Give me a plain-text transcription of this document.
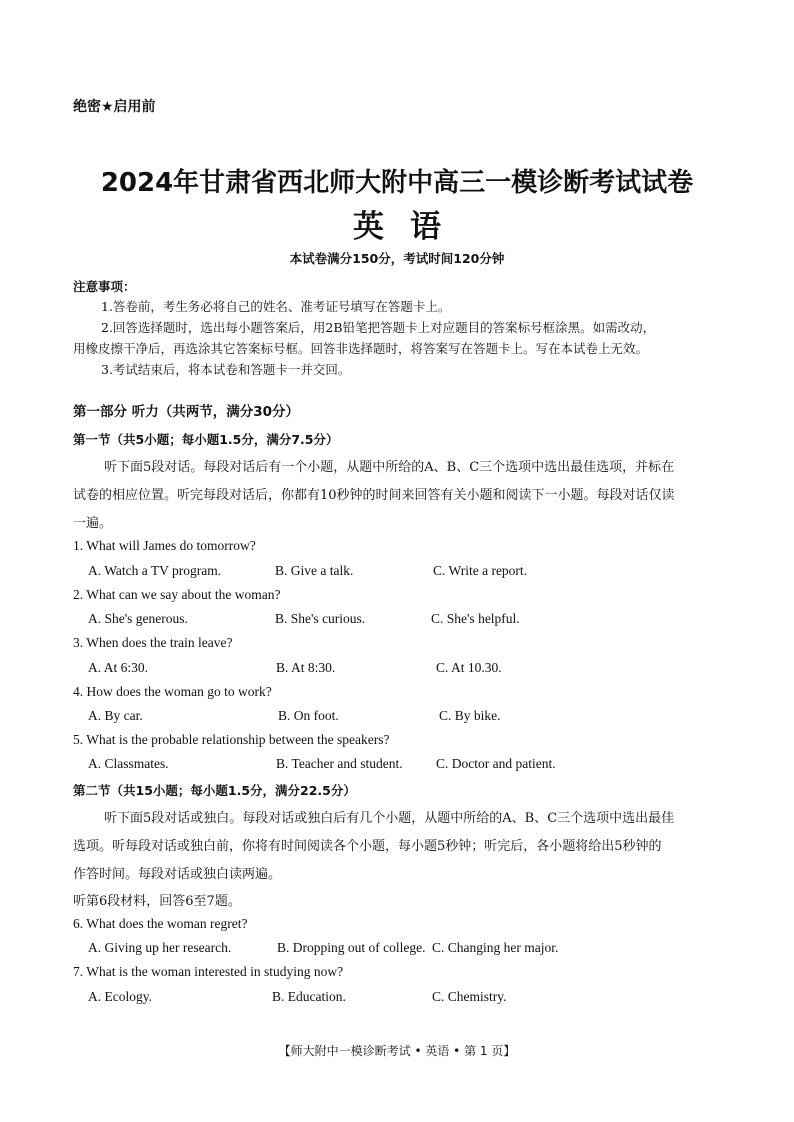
绝密★启用前
2024年甘肃省西北师大附中高三一模诊断考试试卷
英语
本试卷满分150分，考试时间120分钟
注意事项：
1.答卷前，考生务必将自己的姓名、准考证号填写在答题卡上。
2.回答选择题时，选出每小题答案后，用2B铅笔把答题卡上对应题目的答案标号框涂黑。如需改动，
用橡皮擦干净后，再选涂其它答案标号框。回答非选择题时，将答案写在答题卡上。写在本试卷上无效。
3.考试结束后，将本试卷和答题卡一并交回。
第一部分 听力（共两节，满分30分）
第一节（共5小题；每小题1.5分，满分7.5分）
听下面5段对话。每段对话后有一个小题，从题中所给的A、B、C三个选项中选出最佳选项，并标在
试卷的相应位置。听完每段对话后，你都有10秒钟的时间来回答有关小题和阅读下一小题。每段对话仅读
一遍。
1. What will James do tomorrow?
A. Watch a TV program.	B. Give a talk.	C. Write a report.
2. What can we say about the woman?
A. She's generous.	B. She's curious.	C. She's helpful.
3. When does the train leave?
A. At 6:30.	B. At 8:30.	C. At 10.30.
4. How does the woman go to work?
A. By car.	B. On foot.	C. By bike.
5. What is the probable relationship between the speakers?
A. Classmates.	B. Teacher and student. C. Doctor and patient.
第二节（共15小题；每小题1.5分，满分22.5分）
听下面5段对话或独白。每段对话或独白后有几个小题，从题中所给的A、B、C三个选项中选出最佳
选项。听每段对话或独白前，你将有时间阅读各个小题，每小题5秒钟；听完后，各小题将给出5秒钟的
作答时间。每段对话或独白读两遍。
听第6段材料，回答6至7题。
6. What does the woman regret?
A. Giving up her research.	B. Dropping out of college. C. Changing her major.
7. What is the woman interested in studying now?
A. Ecology.	B. Education.	C. Chemistry.
【师大附中一模诊断考试 • 英语 • 第 1 页】
